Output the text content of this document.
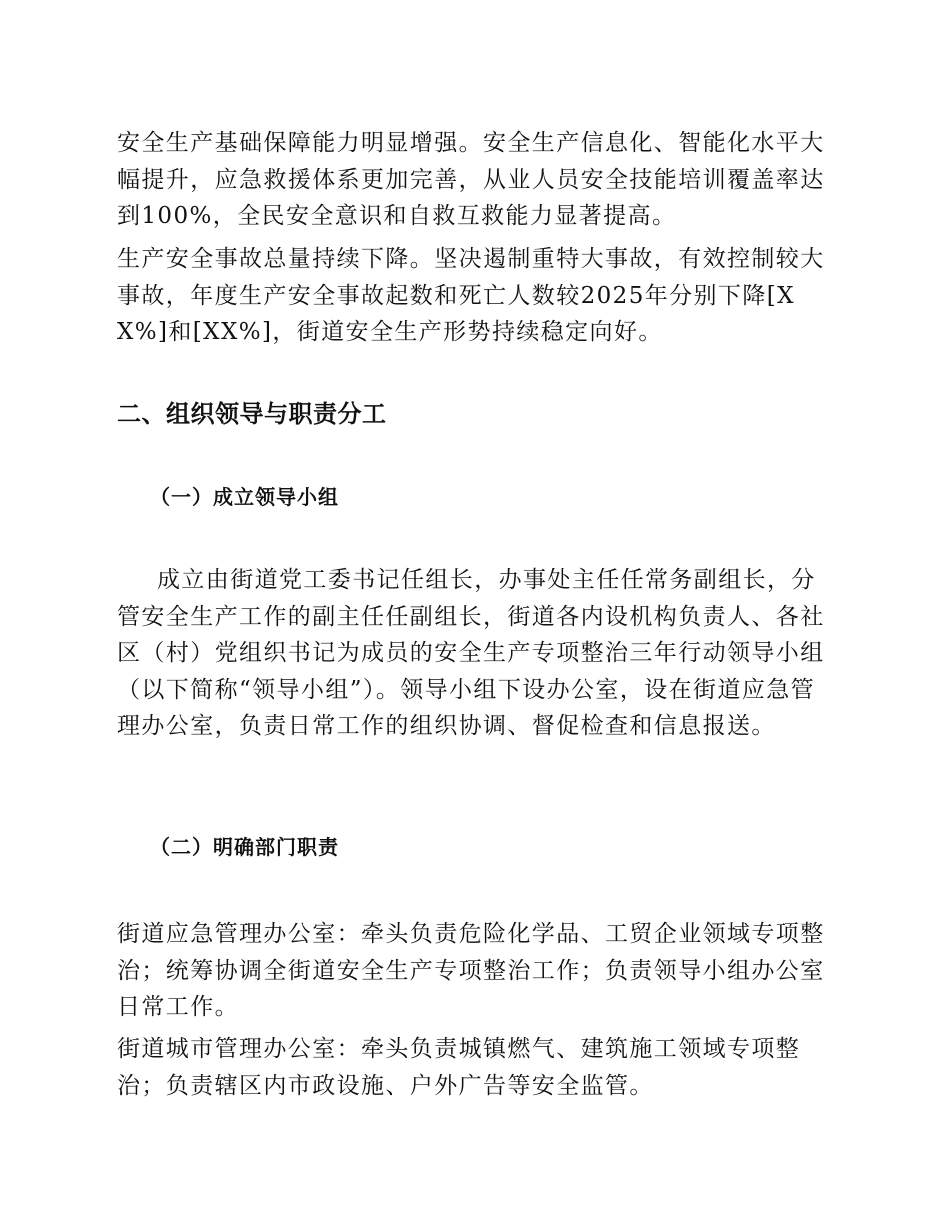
安全生产基础保障能力明显增强。安全生产信息化、智能化水平大幅提升，应急救援体系更加完善，从业人员安全技能培训覆盖率达到100%，全民安全意识和自救互救能力显著提高。

生产安全事故总量持续下降。坚决遏制重特大事故，有效控制较大事故，年度生产安全事故起数和死亡人数较2025年分别下降[XX%]和[XX%]，街道安全生产形势持续稳定向好。

二、组织领导与职责分工
（一）成立领导小组

成立由街道党工委书记任组长，办事处主任任常务副组长，分管安全生产工作的副主任任副组长，街道各内设机构负责人、各社区（村）党组织书记为成员的安全生产专项整治三年行动领导小组（以下简称“领导小组”）。领导小组下设办公室，设在街道应急管理办公室，负责日常工作的组织协调、督促检查和信息报送。

（二）明确部门职责

街道应急管理办公室：牵头负责危险化学品、工贸企业领域专项整治；统筹协调全街道安全生产专项整治工作；负责领导小组办公室日常工作。

街道城市管理办公室：牵头负责城镇燃气、建筑施工领域专项整治；负责辖区内市政设施、户外广告等安全监管。
